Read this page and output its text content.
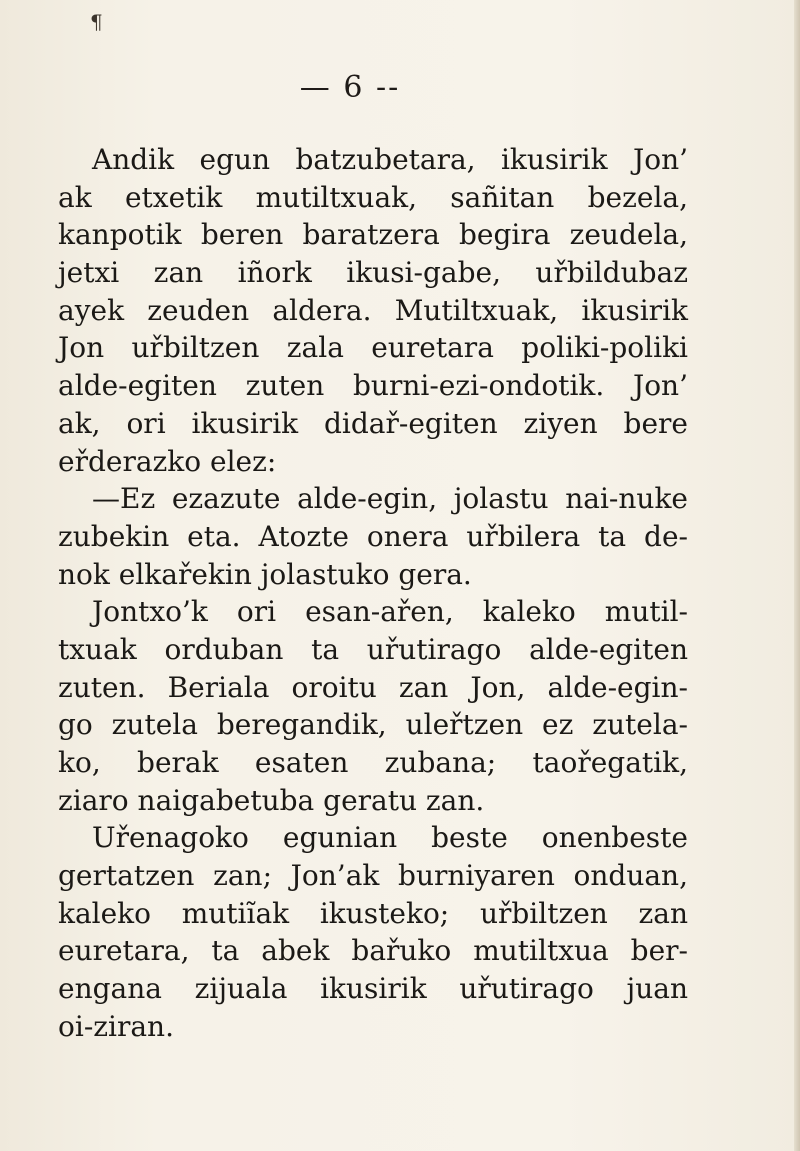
¶
— 6 --
Andik egun batzubetara, ikusirik Jon’
ak etxetik mutiltxuak, sañitan bezela,
kanpotik beren baratzera begira zeudela,
jetxi zan iñork ikusi-gabe, uřbildubaz
ayek zeuden aldera. Mutiltxuak, ikusirik
Jon uřbiltzen zala euretara poliki-poliki
alde-egiten zuten burni-ezi-ondotik. Jon’
ak, ori ikusirik didař-egiten ziyen bere
eřderazko elez:
—Ez ezazute alde-egin, jolastu nai-nuke
zubekin eta. Atozte onera uřbilera ta de-
nok elkařekin jolastuko gera.
Jontxo’k ori esan-ařen, kaleko mutil-
txuak orduban ta uřutirago alde-egiten
zuten. Beriala oroitu zan Jon, alde-egin-
go zutela beregandik, uleřtzen ez zutela-
ko, berak esaten zubana; taořegatik,
ziaro naigabetuba geratu zan.
Uřenagoko egunian beste onenbeste
gertatzen zan; Jon’ak burniyaren onduan,
kaleko mutiĩak ikusteko; uřbiltzen zan
euretara, ta abek bařuko mutiltxua ber-
engana zijuala ikusirik uřutirago juan
oi-ziran.
